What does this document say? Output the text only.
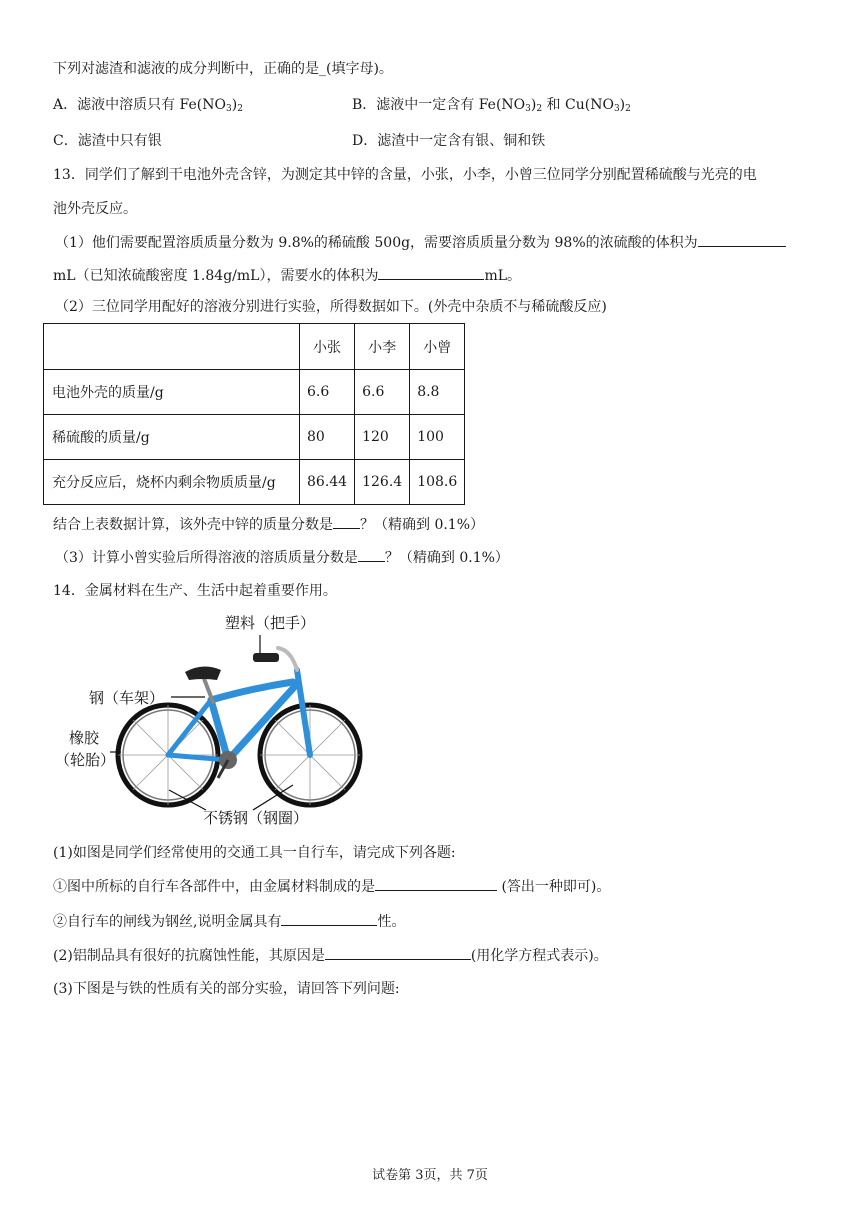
下列对滤渣和滤液的成分判断中，正确的是_(填字母)。
A．滤液中溶质只有 $Fe(NO_3)_2$	B．滤液中一定含有 $Fe(NO_3)_2$ 和 $Cu(NO_3)_2$
C．滤渣中只有银	D．滤渣中一定含有银、铜和铁
13．同学们了解到干电池外壳含锌，为测定其中锌的含量，小张，小李，小曾三位同学分别配置稀硫酸与光亮的电
池外壳反应。
（1）他们需要配置溶质质量分数为 9.8%的稀硫酸 500g，需要溶质质量分数为 98%的浓硫酸的体积为
mL（已知浓硫酸密度 1.84g/mL），需要水的体积为	mL。
（2）三位同学用配好的溶液分别进行实验，所得数据如下。(外壳中杂质不与稀硫酸反应)
	小张	小李	小曾
电池外壳的质量/g	6.6	6.6	8.8
稀硫酸的质量/g	80	120	100
充分反应后，烧杯内剩余物质质量/g	86.44	126.4	108.6
结合上表数据计算，该外壳中锌的质量分数是 ？（精确到 0.1%）
（3）计算小曾实验后所得溶液的溶质质量分数是 ？（精确到 0.1%）
14．金属材料在生产、生活中起着重要作用。
塑料（把手）
钢（车架）
橡胶
（轮胎）
不锈钢（钢圈）
(1)如图是同学们经常使用的交通工具一自行车，请完成下列各题:
①图中所标的自行车各部件中，由金属材料制成的是	(答出一种即可)。
②自行车的闸线为钢丝,说明金属具有	性。
(2)铝制品具有很好的抗腐蚀性能，其原因是	(用化学方程式表示)。
(3)下图是与铁的性质有关的部分实验，请回答下列问题:
试卷第 3页，共 7页
